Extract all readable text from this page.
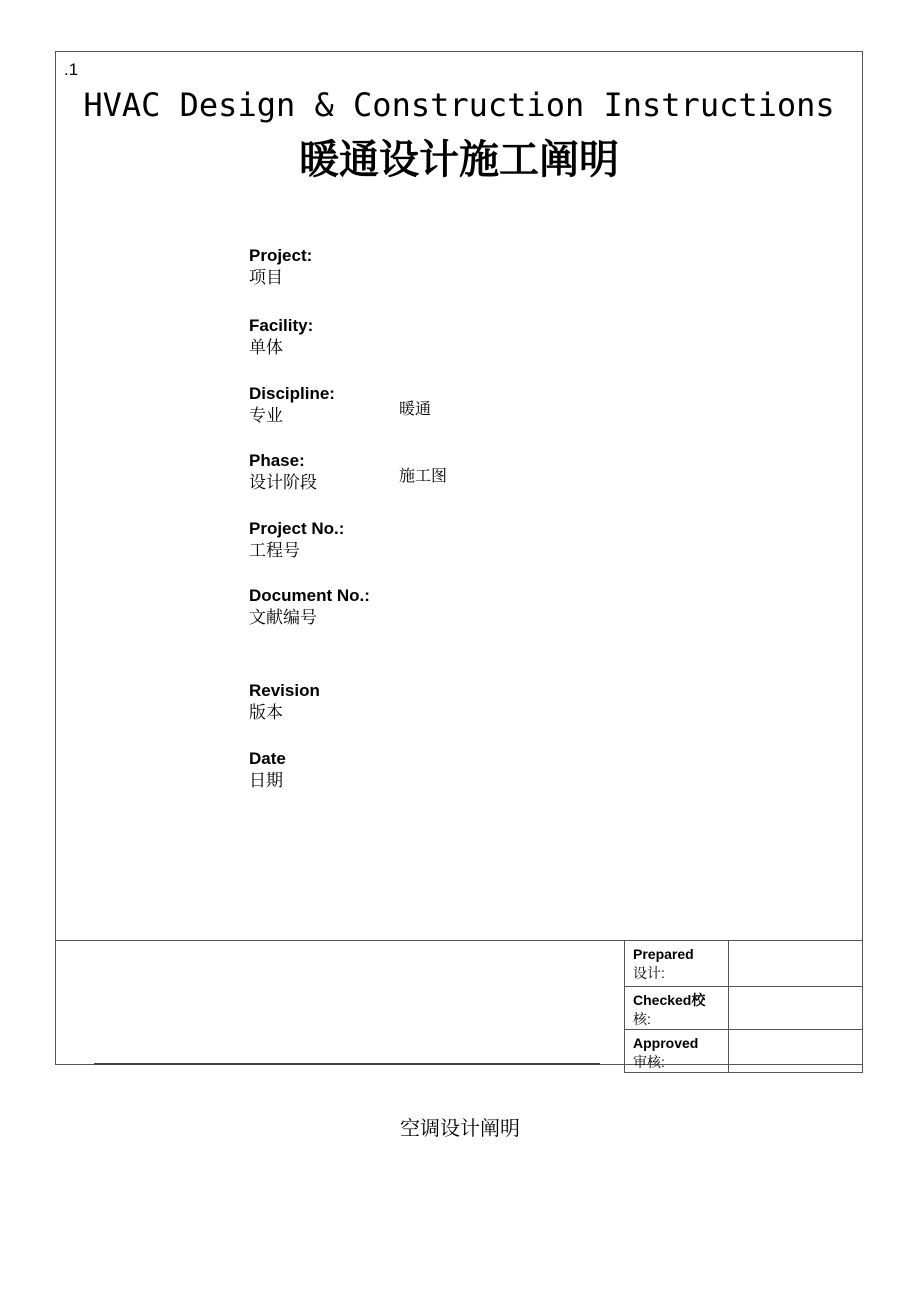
.1
HVAC Design & Construction Instructions
暖通设计施工阐明
Project:
项目
Facility:
单体
Discipline:
专业	暖通
Phase:
设计阶段	施工图
Project No.:
工程号
Document No.:
文献编号
Revision
版本
Date
日期
Prepared
设计:	

Checked校
核:	

Approved
审核:	

空调设计阐明
